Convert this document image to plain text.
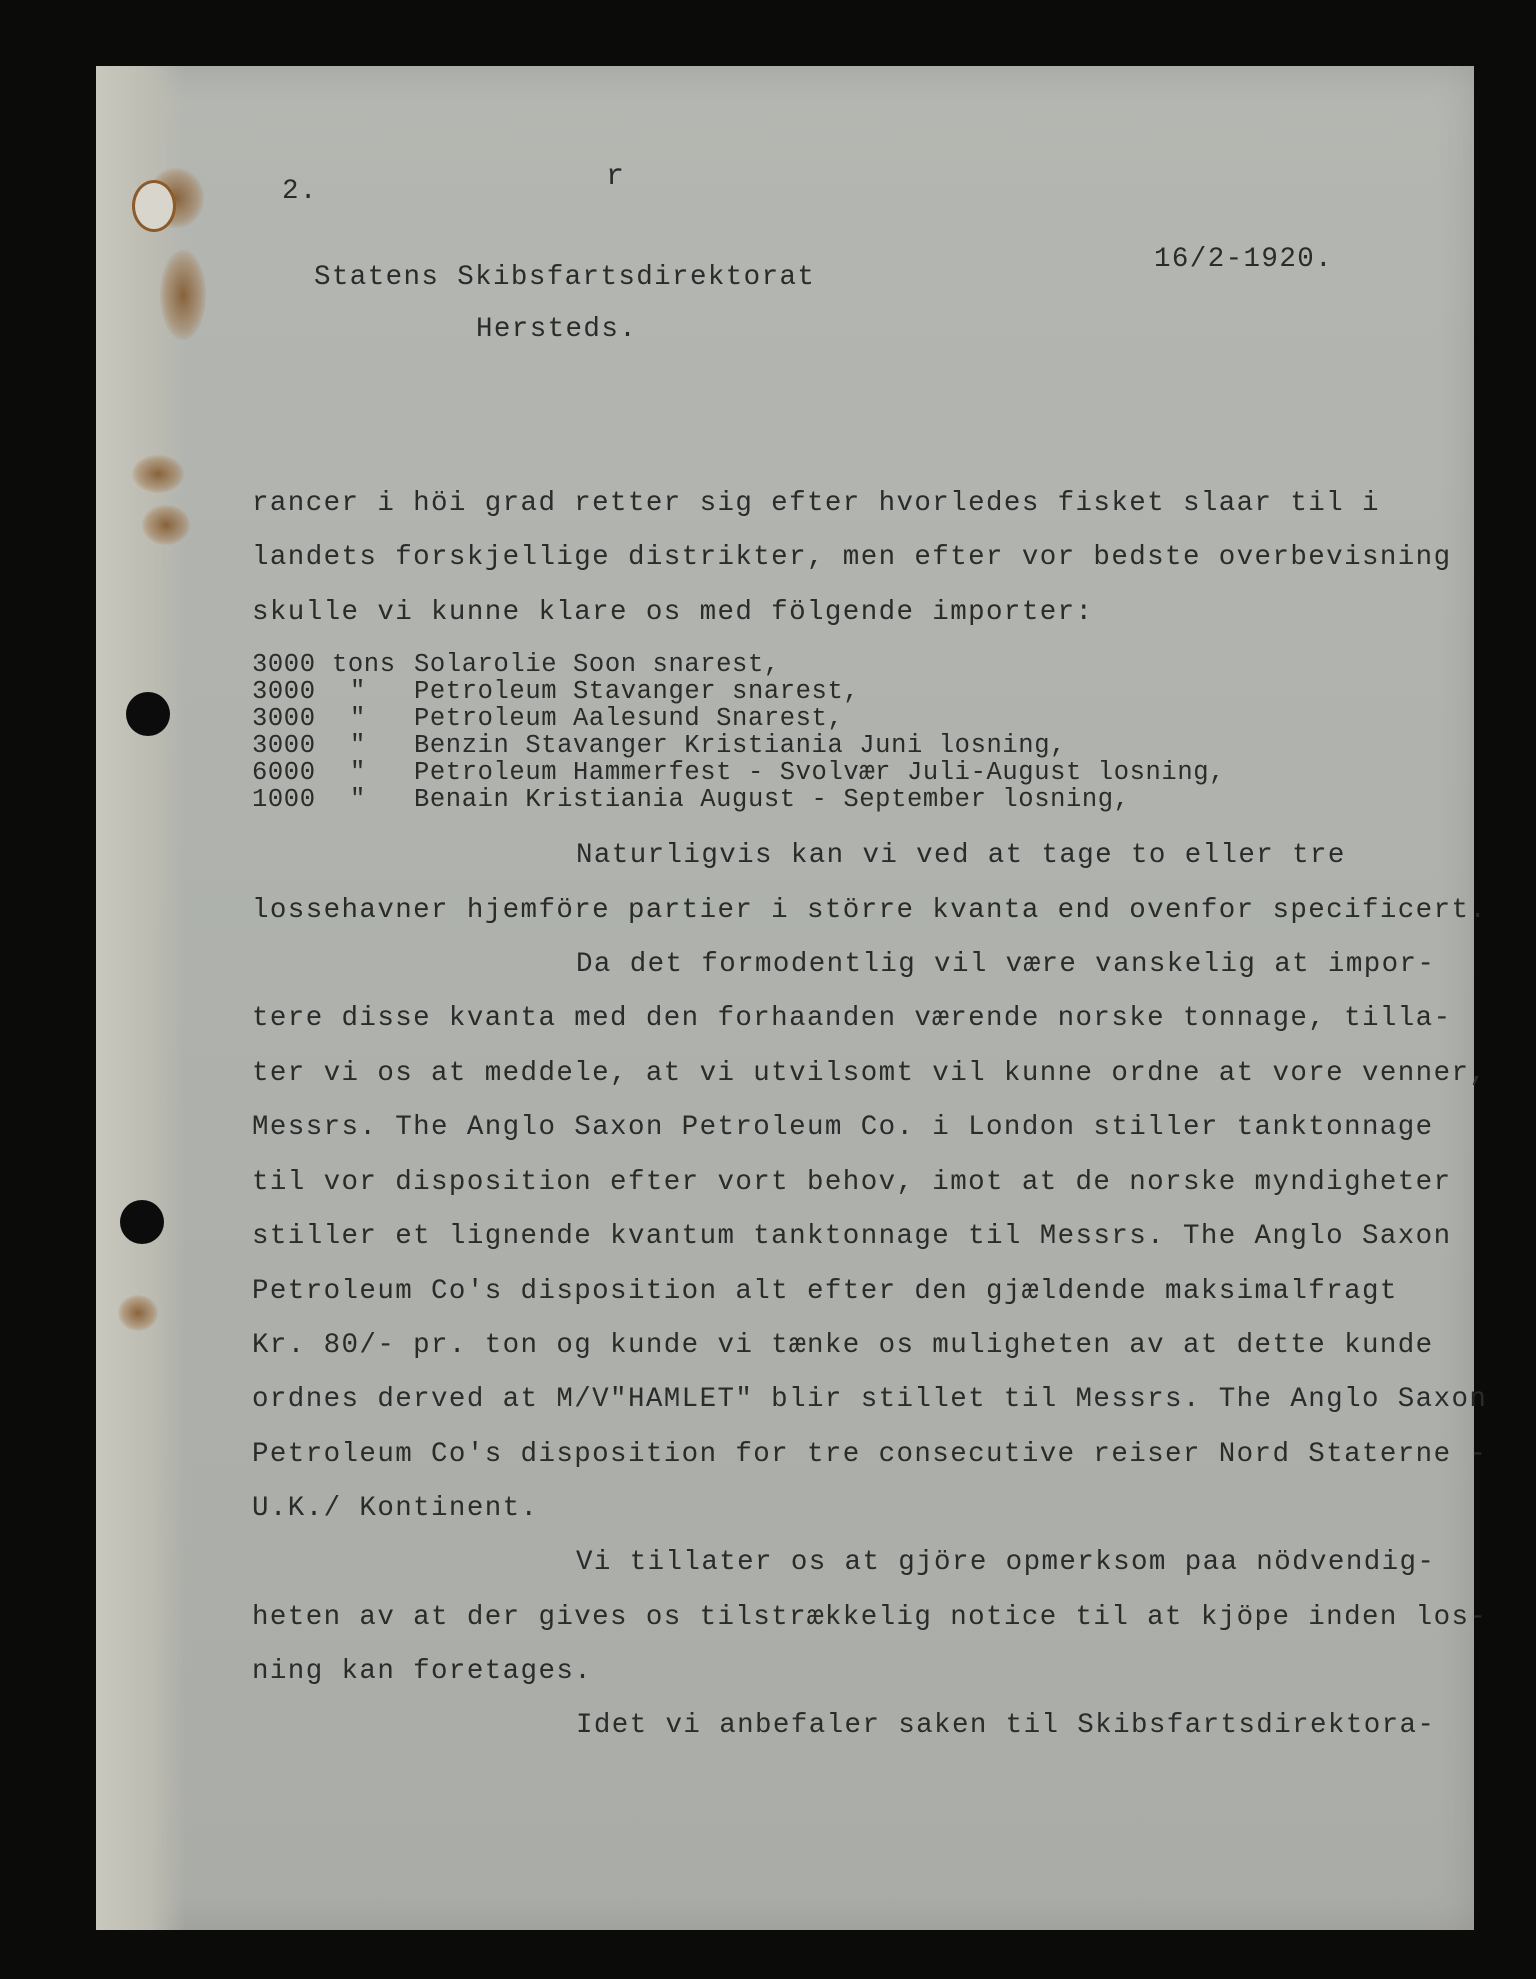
2.	r
16/2-1920.
Statens Skibsfartsdirektorat
Hersteds.
rancer i höi grad retter sig efter hvorledes fisket slaar til i
landets forskjellige distrikter, men efter vor bedste overbevisning
skulle vi kunne klare os med fölgende importer:
3000 tons Solarolie Soon snarest,
3000 " Petroleum Stavanger snarest,
3000 " Petroleum Aalesund Snarest,
3000 " Benzin Stavanger Kristiania Juni losning,
6000 " Petroleum Hammerfest - Svolvær Juli-August losning,
1000 " Benain Kristiania August - September losning,
Naturligvis kan vi ved at tage to eller tre
lossehavner hjemföre partier i större kvanta end ovenfor specificert.
Da det formodentlig vil være vanskelig at impor-
tere disse kvanta med den forhaanden værende norske tonnage, tilla-
ter vi os at meddele, at vi utvilsomt vil kunne ordne at vore venner,
Messrs. The Anglo Saxon Petroleum Co. i London stiller tanktonnage
til vor disposition efter vort behov, imot at de norske myndigheter
stiller et lignende kvantum tanktonnage til Messrs. The Anglo Saxon
Petroleum Co's disposition alt efter den gjældende maksimalfragt
Kr. 80/- pr. ton og kunde vi tænke os muligheten av at dette kunde
ordnes derved at M/V"HAMLET" blir stillet til Messrs. The Anglo Saxon
Petroleum Co's disposition for tre consecutive reiser Nord Staterne -
U.K./ Kontinent.
Vi tillater os at gjöre opmerksom paa nödvendig-
heten av at der gives os tilstrækkelig notice til at kjöpe inden los-
ning kan foretages.
Idet vi anbefaler saken til Skibsfartsdirektora-
